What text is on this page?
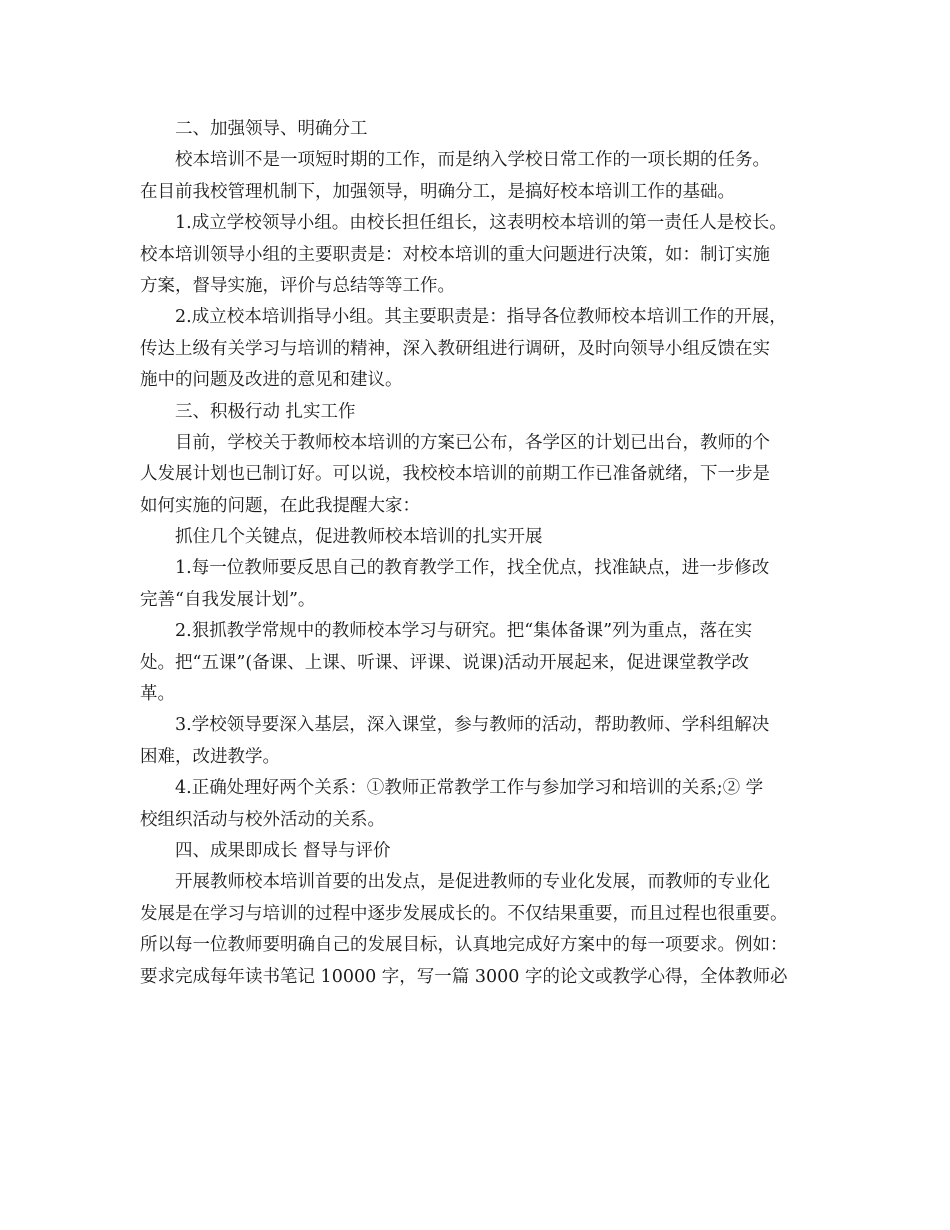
二、加强领导、明确分工
校本培训不是一项短时期的工作，而是纳入学校日常工作的一项长期的任务。
在目前我校管理机制下，加强领导，明确分工，是搞好校本培训工作的基础。
1.成立学校领导小组。由校长担任组长，这表明校本培训的第一责任人是校长。
校本培训领导小组的主要职责是：对校本培训的重大问题进行决策，如：制订实施
方案，督导实施，评价与总结等等工作。
2.成立校本培训指导小组。其主要职责是：指导各位教师校本培训工作的开展，
传达上级有关学习与培训的精神，深入教研组进行调研，及时向领导小组反馈在实
施中的问题及改进的意见和建议。
三、积极行动 扎实工作
目前，学校关于教师校本培训的方案已公布，各学区的计划已出台，教师的个
人发展计划也已制订好。可以说，我校校本培训的前期工作已准备就绪，下一步是
如何实施的问题，在此我提醒大家：
抓住几个关键点，促进教师校本培训的扎实开展
1.每一位教师要反思自己的教育教学工作，找全优点，找准缺点，进一步修改
完善“自我发展计划”。
2.狠抓教学常规中的教师校本学习与研究。把“集体备课”列为重点，落在实
处。把“五课”(备课、上课、听课、评课、说课)活动开展起来，促进课堂教学改
革。
3.学校领导要深入基层，深入课堂，参与教师的活动，帮助教师、学科组解决
困难，改进教学。
4.正确处理好两个关系：①教师正常教学工作与参加学习和培训的关系;② 学
校组织活动与校外活动的关系。
四、成果即成长 督导与评价
开展教师校本培训首要的出发点，是促进教师的专业化发展，而教师的专业化
发展是在学习与培训的过程中逐步发展成长的。不仅结果重要，而且过程也很重要。
所以每一位教师要明确自己的发展目标，认真地完成好方案中的每一项要求。例如：
要求完成每年读书笔记 10000 字，写一篇 3000 字的论文或教学心得，全体教师必
